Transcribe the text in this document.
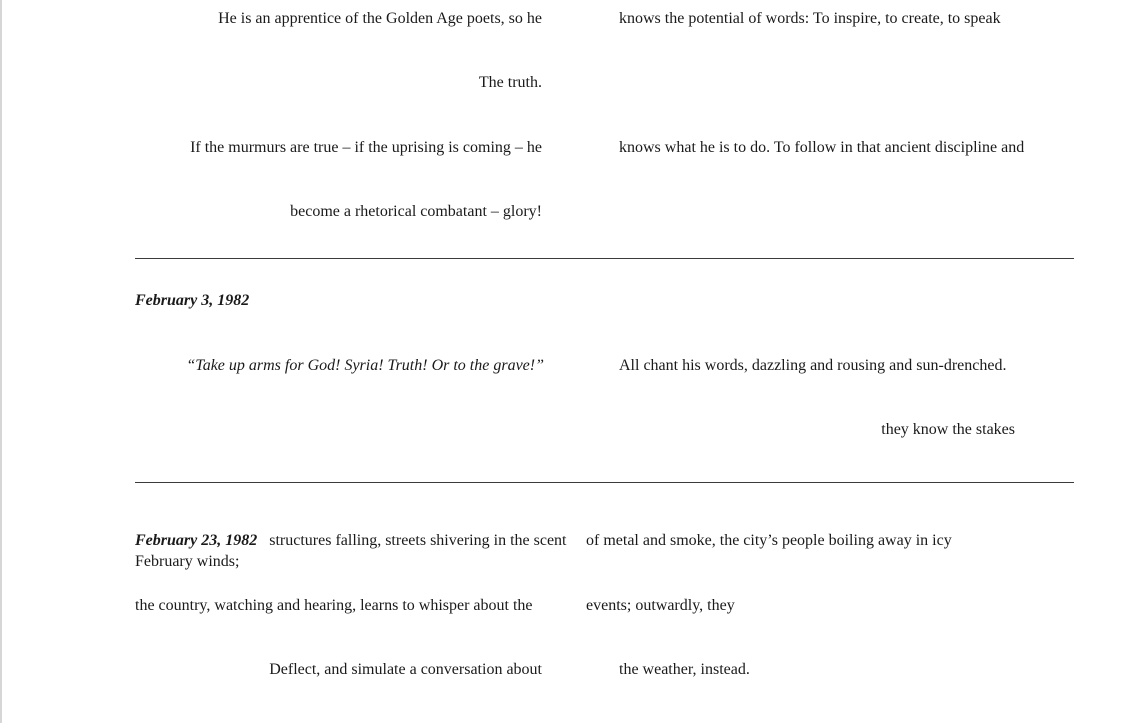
He is an apprentice of the Golden Age poets, so he	knows the potential of words: To inspire, to create, to speak
The truth.
If the murmurs are true – if the uprising is coming – he	knows what he is to do. To follow in that ancient discipline and
become a rhetorical combatant – glory!
February 3, 1982
“Take up arms for God! Syria! Truth! Or to the grave!”	All chant his words, dazzling and rousing and sun-drenched.
they know the stakes
February 23, 1982 structures falling, streets shivering in the scent of metal and smoke, the city’s people boiling away in icy
February winds;
the country, watching and hearing, learns to whisper about the	events; outwardly, they
Deflect, and simulate a conversation about	the weather, instead.
